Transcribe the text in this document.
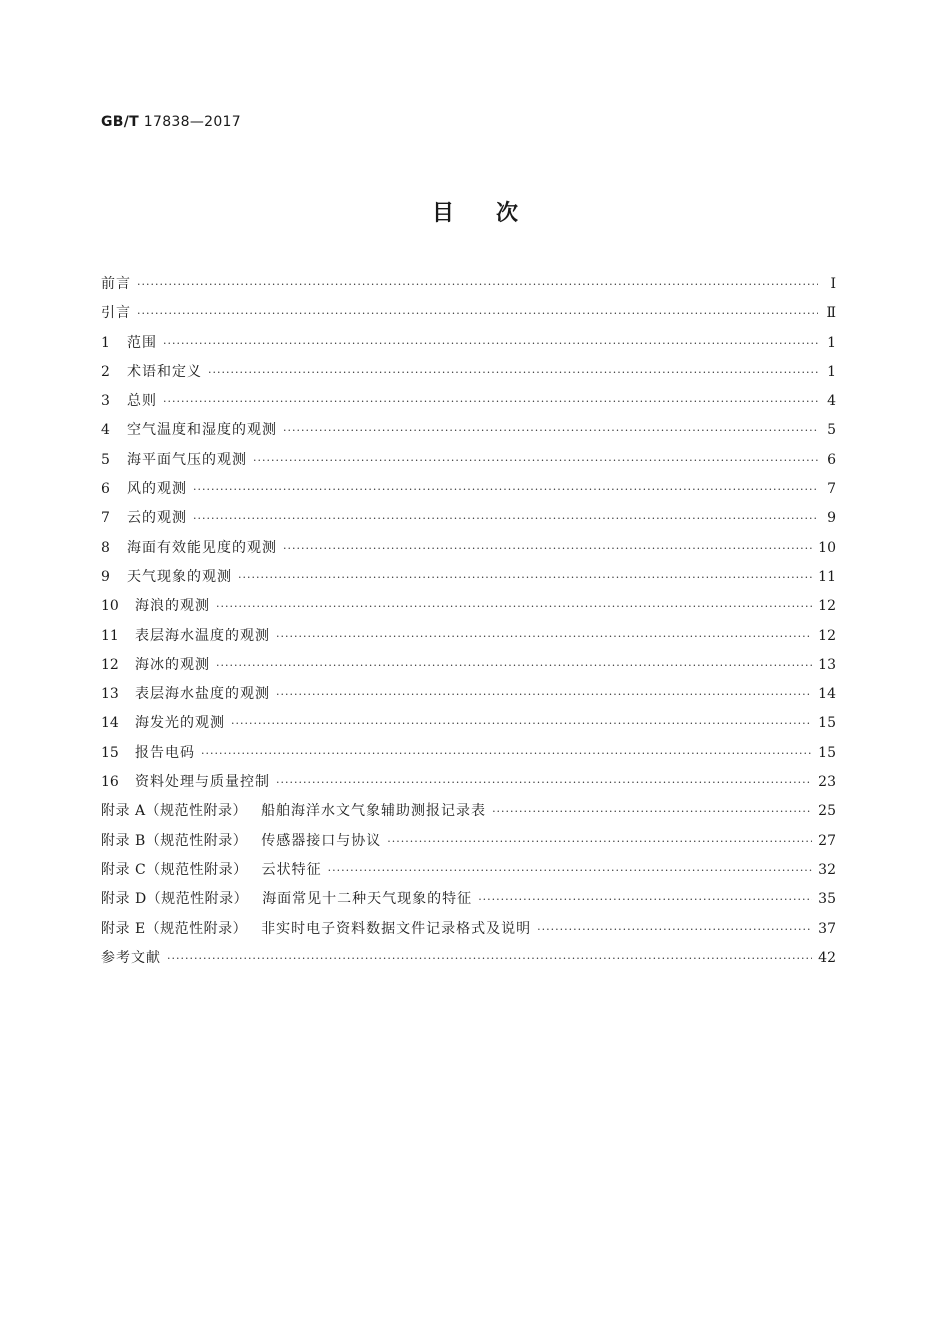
GB/T 17838—2017
目次
前言 ·····	Ⅰ
引言 ·····	Ⅱ
1	范围 ·····	1
2	术语和定义 ·····	1
3	总则 ·····	4
4	空气温度和湿度的观测 ·····	5
5	海平面气压的观测 ·····	6
6	风的观测 ·····	7
7	云的观测 ·····	9
8	海面有效能见度的观测 ·····	10
9	天气现象的观测 ·····	11
10	海浪的观测 ·····	12
11	表层海水温度的观测 ·····	12
12	海冰的观测 ·····	13
13	表层海水盐度的观测 ·····	14
14	海发光的观测 ·····	15
15	报告电码 ·····	15
16	资料处理与质量控制 ·····	23
附录 A（规范性附录） 船舶海洋水文气象辅助测报记录表 ·····	25
附录 B（规范性附录） 传感器接口与协议 ·····	27
附录 C（规范性附录） 云状特征 ·····	32
附录 D（规范性附录） 海面常见十二种天气现象的特征 ·····	35
附录 E（规范性附录） 非实时电子资料数据文件记录格式及说明 ·····	37
参考文献 ·····	42
